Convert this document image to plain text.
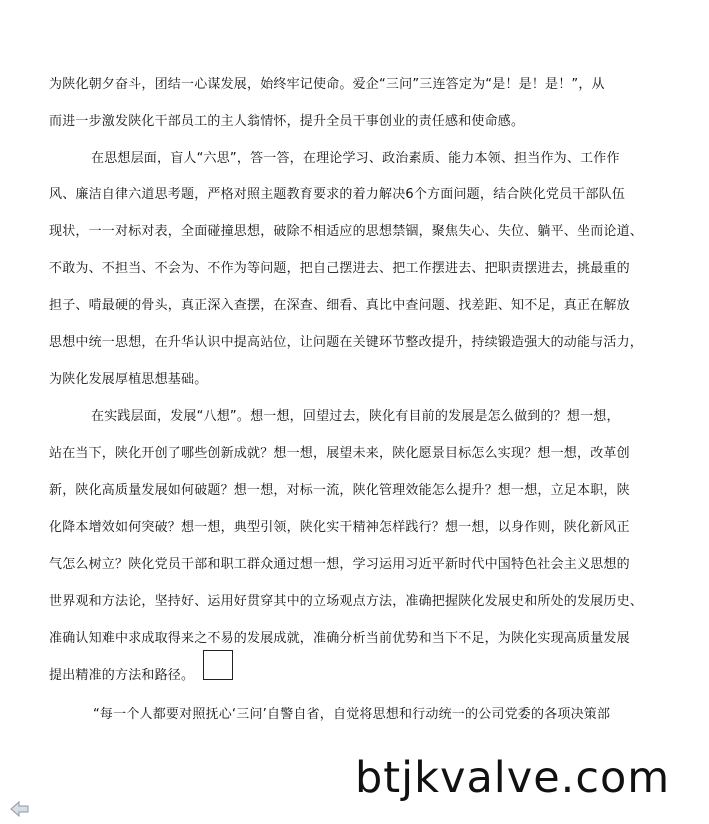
为陕化朝夕奋斗，团结一心谋发展，始终牢记使命。爱企“三问”三连答定为“是！是！是！”，从
而进一步激发陕化干部员工的主人翁情怀，提升全员干事创业的责任感和使命感。
在思想层面，盲人“六思”，答一答，在理论学习、政治素质、能力本领、担当作为、工作作
风、廉洁自律六道思考题，严格对照主题教育要求的着力解决6个方面问题，结合陕化党员干部队伍
现状，一一对标对表，全面碰撞思想，破除不相适应的思想禁锢，聚焦失心、失位、躺平、坐而论道、
不敢为、不担当、不会为、不作为等问题，把自己摆进去、把工作摆进去、把职责摆进去，挑最重的
担子、啃最硬的骨头，真正深入查摆，在深查、细看、真比中查问题、找差距、知不足，真正在解放
思想中统一思想，在升华认识中提高站位，让问题在关键环节整改提升，持续锻造强大的动能与活力，
为陕化发展厚植思想基础。
在实践层面，发展“八想”。想一想，回望过去，陕化有目前的发展是怎么做到的？想一想，
站在当下，陕化开创了哪些创新成就？想一想，展望未来，陕化愿景目标怎么实现？想一想，改革创
新，陕化高质量发展如何破题？想一想，对标一流，陕化管理效能怎么提升？想一想，立足本职，陕
化降本增效如何突破？想一想，典型引领，陕化实干精神怎样践行？想一想，以身作则，陕化新风正
气怎么树立？陕化党员干部和职工群众通过想一想，学习运用习近平新时代中国特色社会主义思想的
世界观和方法论，坚持好、运用好贯穿其中的立场观点方法，准确把握陕化发展史和所处的发展历史、
准确认知难中求成取得来之不易的发展成就，准确分析当前优势和当下不足，为陕化实现高质量发展
提出精准的方法和路径。
“每一个人都要对照抚心‘三问’自警自省，自觉将思想和行动统一的公司党委的各项决策部
btjkvalve.com
